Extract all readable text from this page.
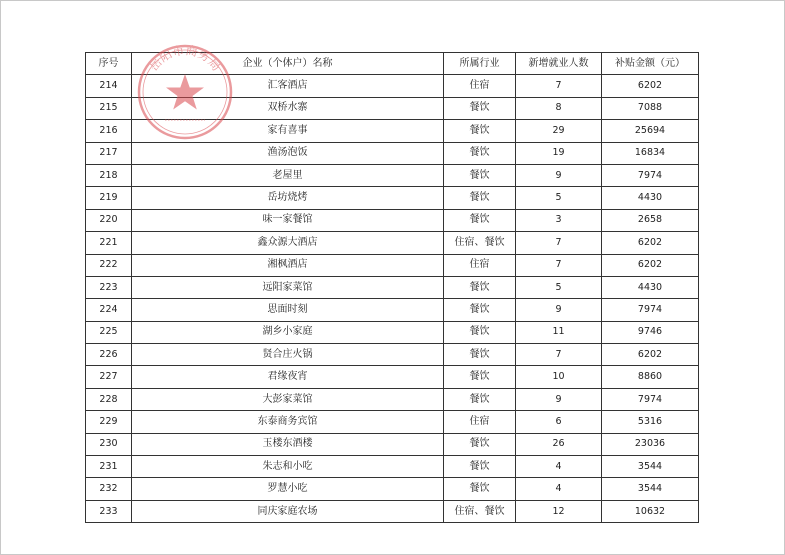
序号	企业（个体户）名称	所属行业	新增就业人数	补贴金额（元）
214	汇客酒店	住宿	7	6202
215	双桥水寨	餐饮	8	7088
216	家有喜事	餐饮	29	25694
217	渔汤泡饭	餐饮	19	16834
218	老屋里	餐饮	9	7974
219	岳坊烧烤	餐饮	5	4430
220	味一家餐馆	餐饮	3	2658
221	鑫众源大酒店	住宿、餐饮	7	6202
222	湘枫酒店	住宿	7	6202
223	远阳家菜馆	餐饮	5	4430
224	思面时刻	餐饮	9	7974
225	湖乡小家庭	餐饮	11	9746
226	贤合庄火锅	餐饮	7	6202
227	君缘夜宵	餐饮	10	8860
228	大彭家菜馆	餐饮	9	7974
229	东泰商务宾馆	住宿	6	5316
230	玉楼东酒楼	餐饮	26	23036
231	朱志和小吃	餐饮	4	3544
232	罗慧小吃	餐饮	4	3544
233	同庆家庭农场	住宿、餐饮	12	10632
岳阳市商务局
